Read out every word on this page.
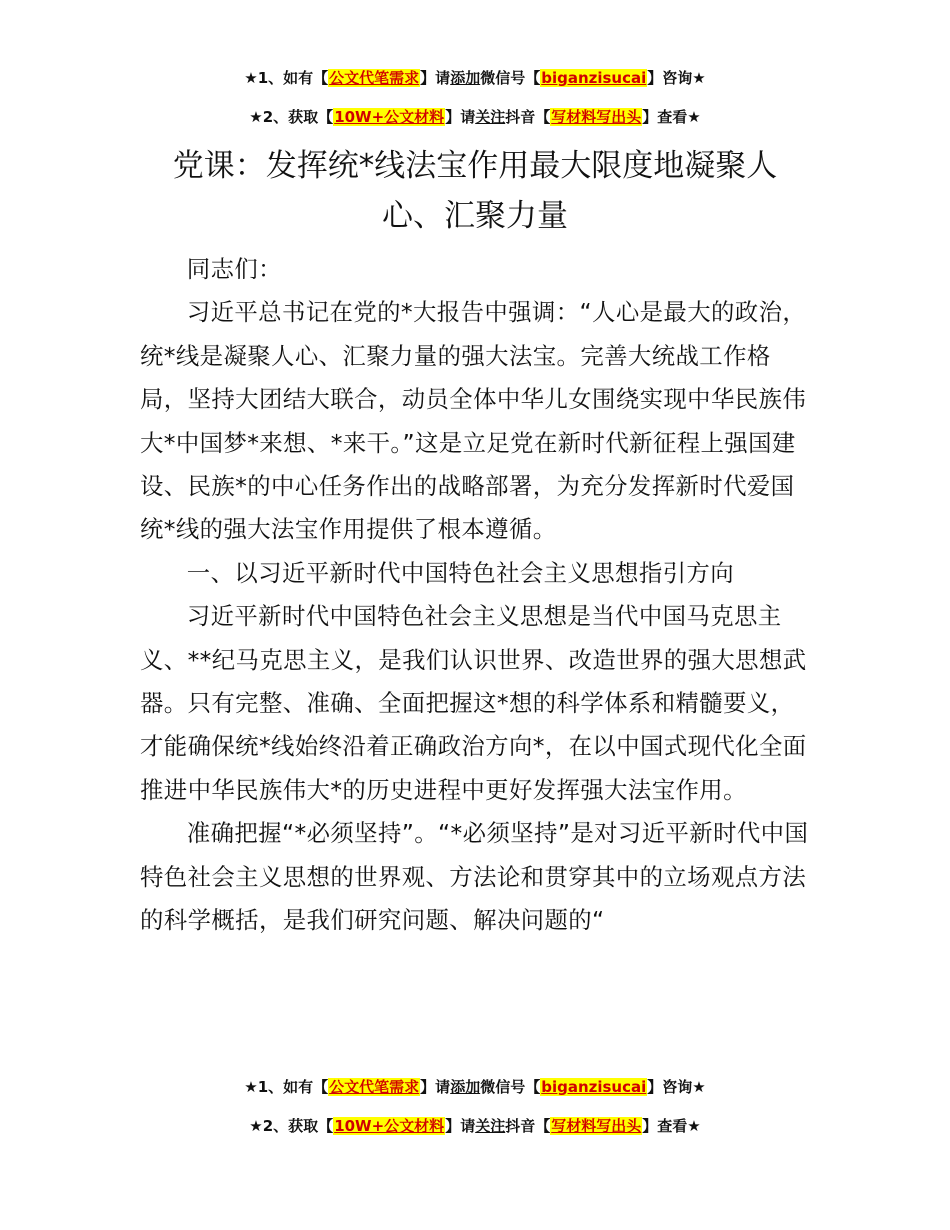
★1、如有【公文代笔需求】请添加微信号【biganzisucai】咨询★
★2、获取【10W+公文材料】请关注抖音【写材料写出头】查看★
党课：发挥统*线法宝作用最大限度地凝聚人
心、汇聚力量

同志们：

习近平总书记在党的*大报告中强调：“人心是最大的政治，统*线是凝聚人心、汇聚力量的强大法宝。完善大统战工作格局，坚持大团结大联合，动员全体中华儿女围绕实现中华民族伟大*中国梦*来想、*来干。”这是立足党在新时代新征程上强国建设、民族*的中心任务作出的战略部署，为充分发挥新时代爱国统*线的强大法宝作用提供了根本遵循。

一、以习近平新时代中国特色社会主义思想指引方向

习近平新时代中国特色社会主义思想是当代中国马克思主义、**纪马克思主义，是我们认识世界、改造世界的强大思想武器。只有完整、准确、全面把握这*想的科学体系和精髓要义，才能确保统*线始终沿着正确政治方向*，在以中国式现代化全面推进中华民族伟大*的历史进程中更好发挥强大法宝作用。

准确把握“*必须坚持”。“*必须坚持”是对习近平新时代中国特色社会主义思想的世界观、方法论和贯穿其中的立场观点方法的科学概括，是我们研究问题、解决问题的“

★1、如有【公文代笔需求】请添加微信号【biganzisucai】咨询★
★2、获取【10W+公文材料】请关注抖音【写材料写出头】查看★
